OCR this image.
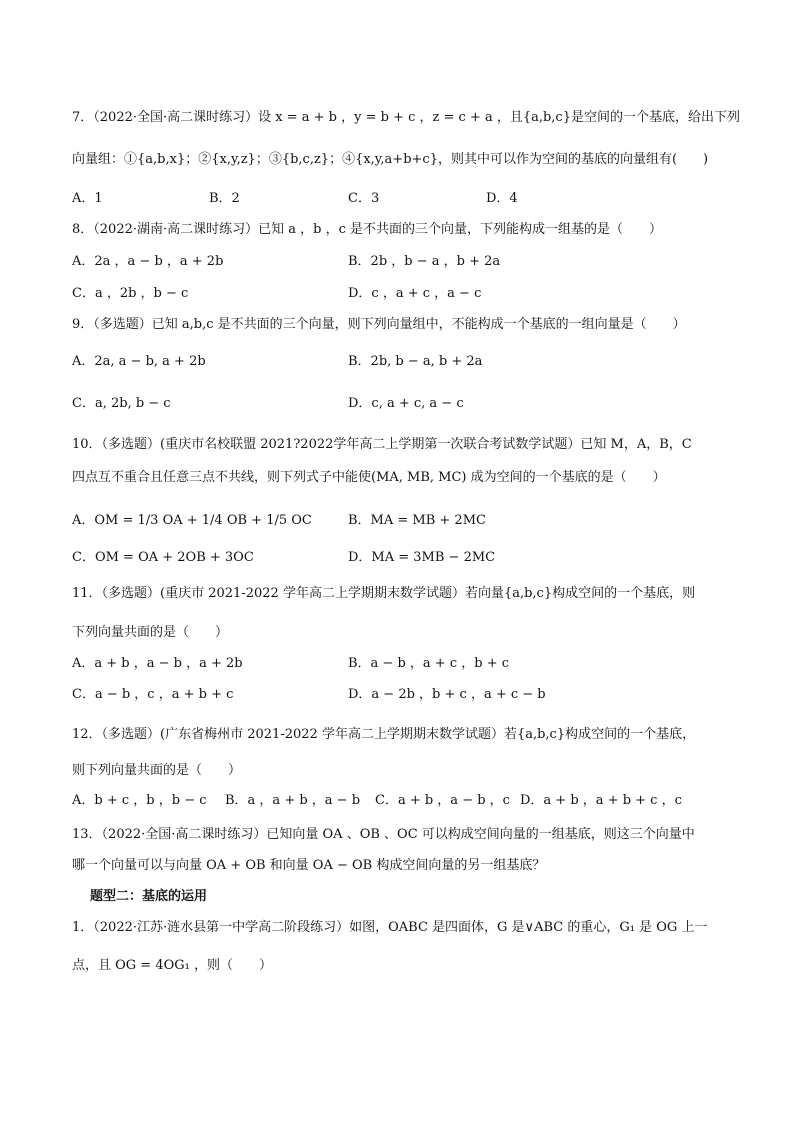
7．（2022·全国·高二课时练习）设 x = a + b ，y = b + c ，z = c + a ，且{a,b,c}是空间的一个基底，给出下列
向量组：①{a,b,x}；②{x,y,z}；③{b,c,z}；④{x,y,a+b+c}，则其中可以作为空间的基底的向量组有(　　)
A．1	B．2	C．3	D．4
8．（2022·湖南·高二课时练习）已知 a ，b ，c 是不共面的三个向量，下列能构成一组基的是（　　）
A．2a ，a − b ，a + 2b	B．2b ，b − a ，b + 2a
C．a ，2b ，b − c	D．c ，a + c ，a − c
9．（多选题）已知 a,b,c 是不共面的三个向量，则下列向量组中，不能构成一个基底的一组向量是（　　）
A．2a, a − b, a + 2b	B．2b, b − a, b + 2a
C．a, 2b, b − c	D．c, a + c, a − c
10．（多选题）(重庆市名校联盟 2021?2022学年高二上学期第一次联合考试数学试题）已知 M，A，B，C
四点互不重合且任意三点不共线，则下列式子中能使(MA, MB, MC) 成为空间的一个基底的是（　　）
A．OM = 1/3 OA + 1/4 OB + 1/5 OC	B．MA = MB + 2MC
C．OM = OA + 2OB + 3OC	D．MA = 3MB − 2MC
11．（多选题）(重庆市 2021-2022 学年高二上学期期末数学试题）若向量{a,b,c}构成空间的一个基底，则
下列向量共面的是（　　）
A．a + b ，a − b ，a + 2b	B．a − b ，a + c ，b + c
C．a − b ，c ，a + b + c	D．a − 2b ，b + c ，a + c − b
12．（多选题）(广东省梅州市 2021-2022 学年高二上学期期末数学试题）若{a,b,c}构成空间的一个基底，
则下列向量共面的是（　　）
A．b + c ，b ，b − c B．a ，a + b ，a − b C．a + b ，a − b ，c D．a + b ，a + b + c ，c
13．（2022·全国·高二课时练习）已知向量 OA 、OB 、OC 可以构成空间向量的一组基底，则这三个向量中
哪一个向量可以与向量 OA + OB 和向量 OA − OB 构成空间向量的另一组基底？
题型二：基底的运用
1．（2022·江苏·涟水县第一中学高二阶段练习）如图，OABC 是四面体，G 是∨ABC 的重心，G₁ 是 OG 上一
点，且 OG = 4OG₁ ，则（　　）
